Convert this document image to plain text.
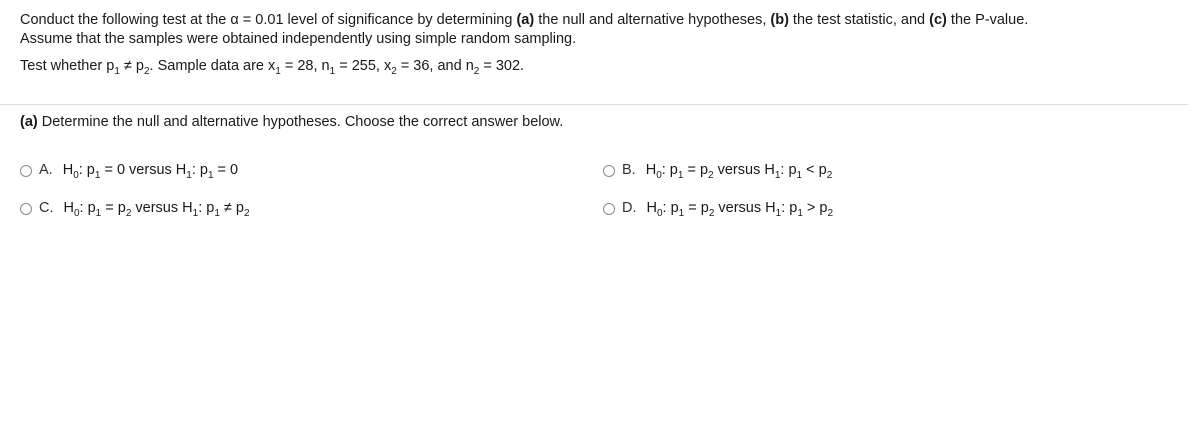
Conduct the following test at the α = 0.01 level of significance by determining (a) the null and alternative hypotheses, (b) the test statistic, and (c) the P-value.
Assume that the samples were obtained independently using simple random sampling.
Test whether $p_1 \ne p_2$. Sample data are $x_1 = 28$, $n_1 = 255$, $x_2 = 36$, and $n_2 = 302$.
(a) Determine the null and alternative hypotheses. Choose the correct answer below.
A. $H_0$: $p_1 = 0$ versus $H_1$: $p_1 = 0$
C. $H_0$: $p_1 = p_2$ versus $H_1$: $p_1 \ne p_2$
B. $H_0$: $p_1 = p_2$ versus $H_1$: $p_1 < p_2$
D. $H_0$: $p_1 = p_2$ versus $H_1$: $p_1 > p_2$
